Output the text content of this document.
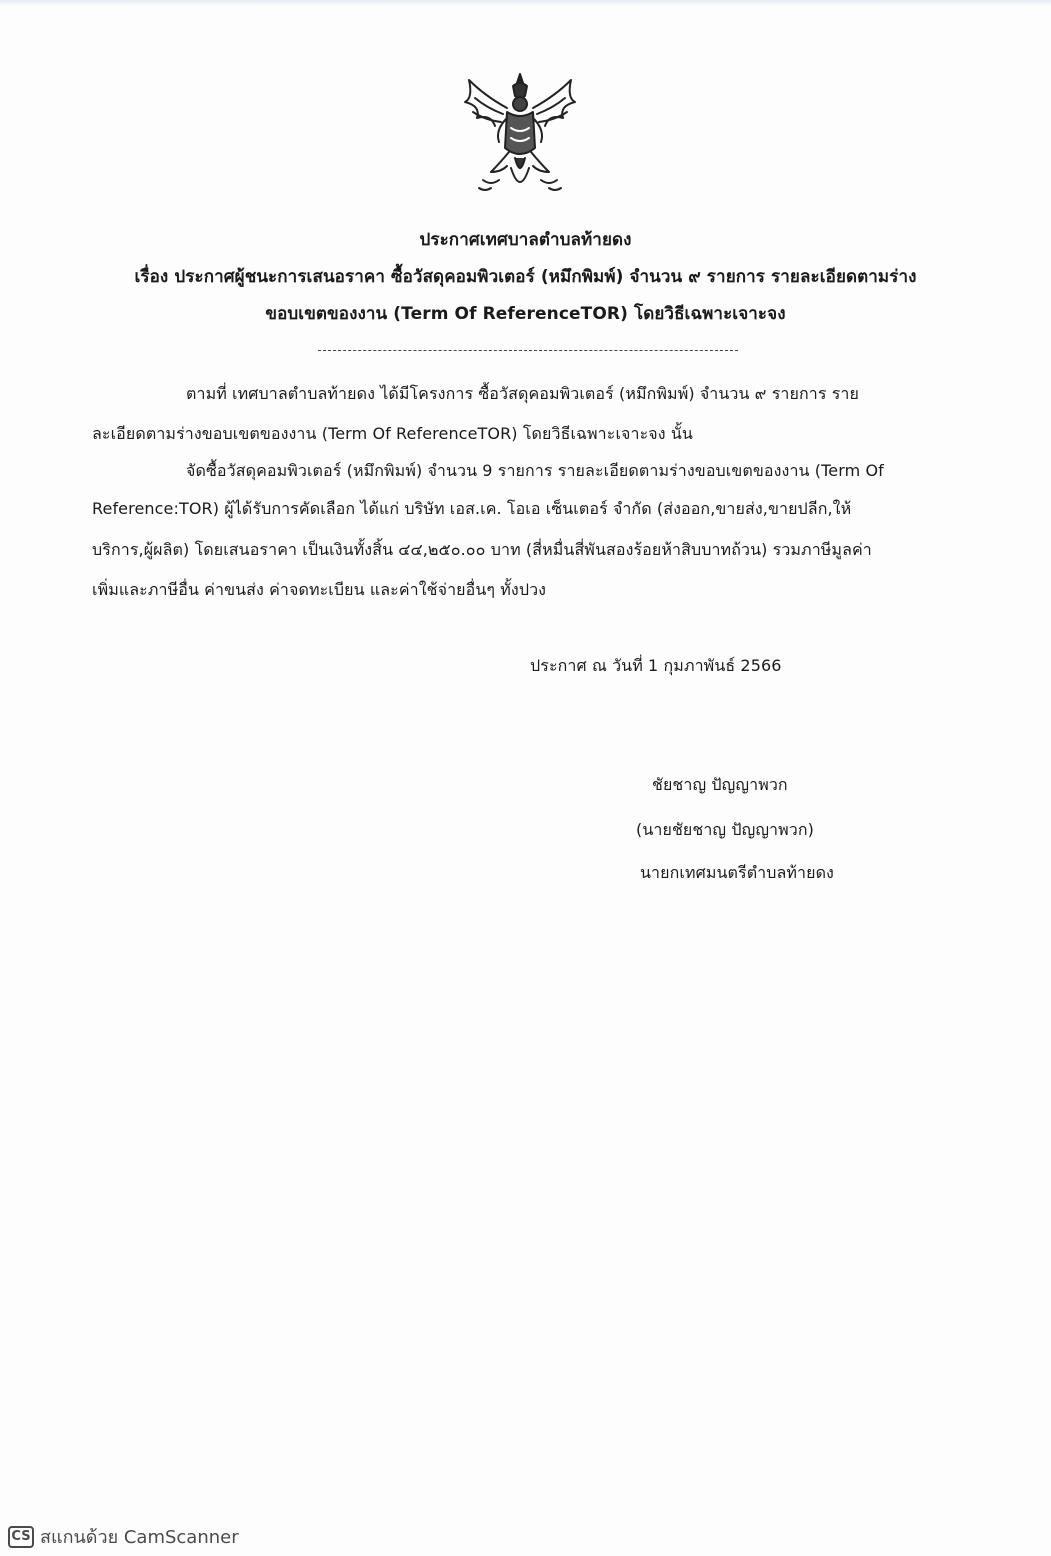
ประกาศเทศบาลตำบลท้ายดง
เรื่อง ประกาศผู้ชนะการเสนอราคา ซื้อวัสดุคอมพิวเตอร์ (หมึกพิมพ์) จำนวน ๙ รายการ รายละเอียดตามร่าง
ขอบเขตของงาน (Term Of ReferenceTOR) โดยวิธีเฉพาะเจาะจง
ตามที่ เทศบาลตำบลท้ายดง ได้มีโครงการ ซื้อวัสดุคอมพิวเตอร์ (หมึกพิมพ์) จำนวน ๙ รายการ ราย
ละเอียดตามร่างขอบเขตของงาน (Term Of ReferenceTOR) โดยวิธีเฉพาะเจาะจง นั้น
จัดซื้อวัสดุคอมพิวเตอร์ (หมึกพิมพ์) จำนวน 9 รายการ รายละเอียดตามร่างขอบเขตของงาน (Term Of
Reference:TOR) ผู้ได้รับการคัดเลือก ได้แก่ บริษัท เอส.เค. โอเอ เซ็นเตอร์ จำกัด (ส่งออก,ขายส่ง,ขายปลีก,ให้
บริการ,ผู้ผลิต) โดยเสนอราคา เป็นเงินทั้งสิ้น ๔๔,๒๕๐.๐๐ บาท (สี่หมื่นสี่พันสองร้อยห้าสิบบาทถ้วน) รวมภาษีมูลค่า
เพิ่มและภาษีอื่น ค่าขนส่ง ค่าจดทะเบียน และค่าใช้จ่ายอื่นๆ ทั้งปวง
ประกาศ ณ วันที่ 1 กุมภาพันธ์ 2566
ชัยชาญ ปัญญาพวก
(นายชัยชาญ ปัญญาพวก)
นายกเทศมนตรีตำบลท้ายดง
CS สแกนด้วย CamScanner
